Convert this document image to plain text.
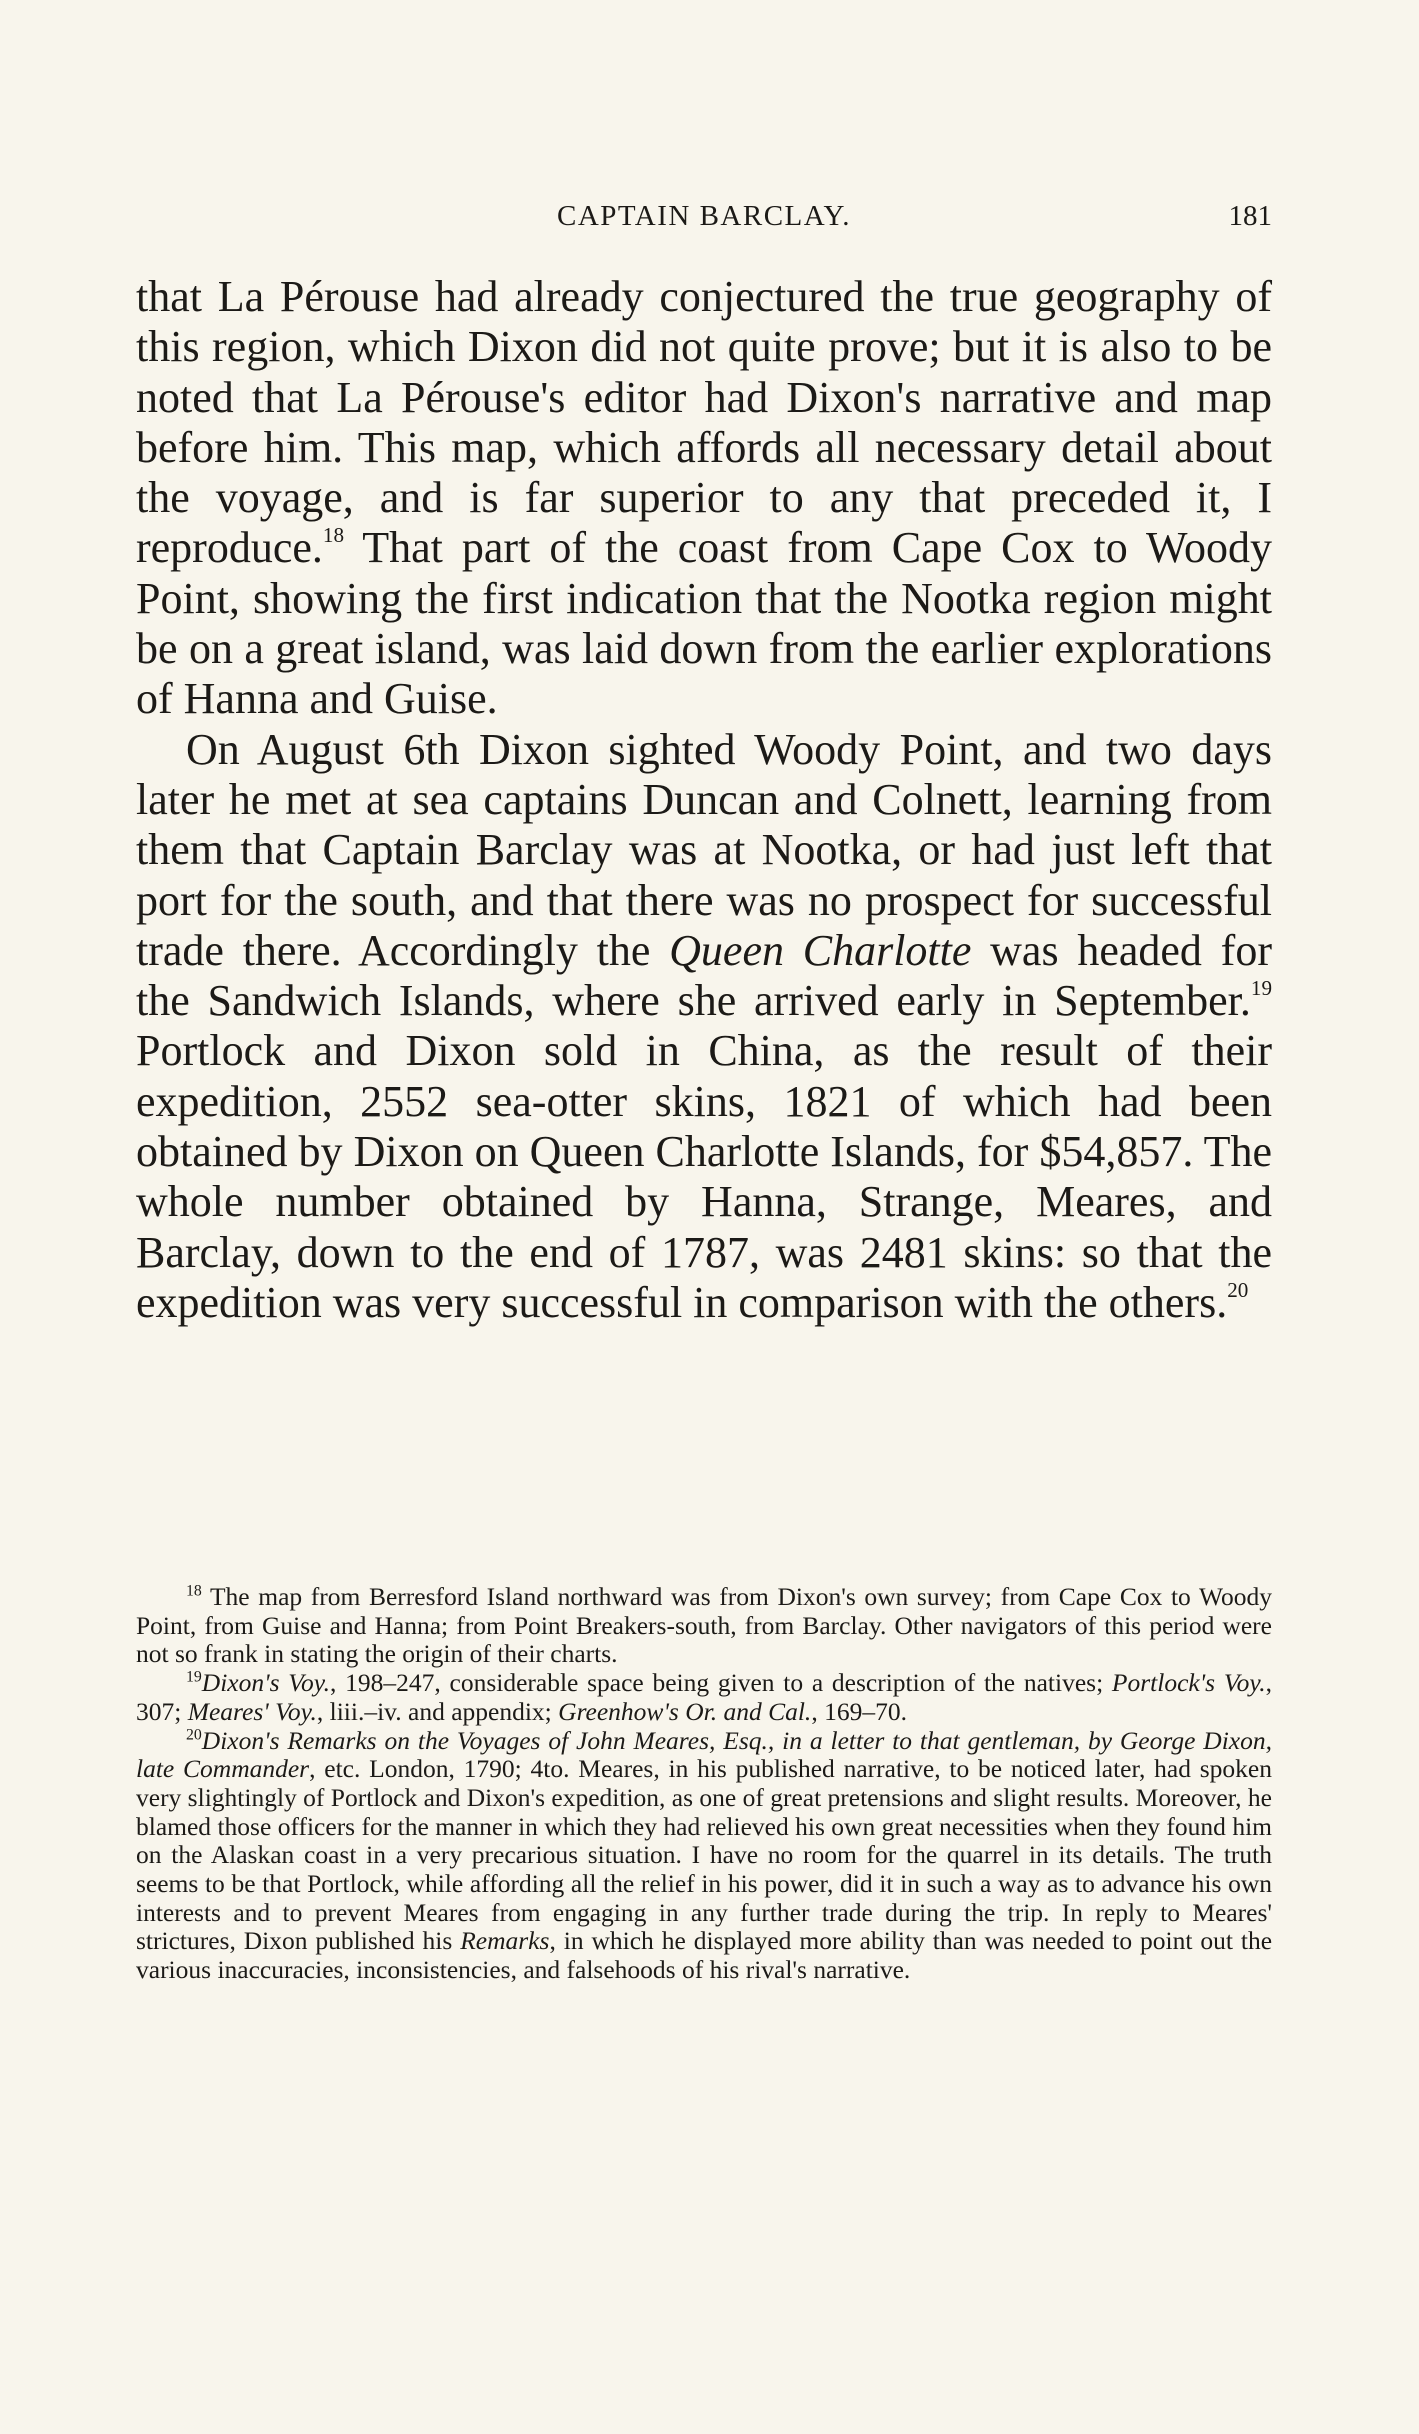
CAPTAIN BARCLAY.	181

that La Pérouse had already conjectured the true geography of this region, which Dixon did not quite prove; but it is also to be noted that La Pérouse's editor had Dixon's narrative and map before him. This map, which affords all necessary detail about the voyage, and is far superior to any that preceded it, I reproduce.$^{18}$ That part of the coast from Cape Cox to Woody Point, showing the first indication that the Nootka region might be on a great island, was laid down from the earlier explorations of Hanna and Guise.

On August 6th Dixon sighted Woody Point, and two days later he met at sea captains Duncan and Colnett, learning from them that Captain Barclay was at Nootka, or had just left that port for the south, and that there was no prospect for successful trade there. Accordingly the Queen Charlotte was headed for the Sandwich Islands, where she arrived early in September.$^{19}$ Portlock and Dixon sold in China, as the result of their expedition, 2552 sea-otter skins, 1821 of which had been obtained by Dixon on Queen Charlotte Islands, for $54,857. The whole number obtained by Hanna, Strange, Meares, and Barclay, down to the end of 1787, was 2481 skins: so that the expedition was very successful in comparison with the others.$^{20}$

$^{18}$ The map from Berresford Island northward was from Dixon's own survey; from Cape Cox to Woody Point, from Guise and Hanna; from Point Breakers-south, from Barclay. Other navigators of this period were not so frank in stating the origin of their charts.

$^{19}$Dixon's Voy., 198–247, considerable space being given to a description of the natives; Portlock's Voy., 307; Meares' Voy., liii.–iv. and appendix; Greenhow's Or. and Cal., 169–70.

$^{20}$Dixon's Remarks on the Voyages of John Meares, Esq., in a letter to that gentleman, by George Dixon, late Commander, etc. London, 1790; 4to. Meares, in his published narrative, to be noticed later, had spoken very slightingly of Portlock and Dixon's expedition, as one of great pretensions and slight results. Moreover, he blamed those officers for the manner in which they had relieved his own great necessities when they found him on the Alaskan coast in a very precarious situation. I have no room for the quarrel in its details. The truth seems to be that Portlock, while affording all the relief in his power, did it in such a way as to advance his own interests and to prevent Meares from engaging in any further trade during the trip. In reply to Meares' strictures, Dixon published his Remarks, in which he displayed more ability than was needed to point out the various inaccuracies, inconsistencies, and falsehoods of his rival's narrative.
